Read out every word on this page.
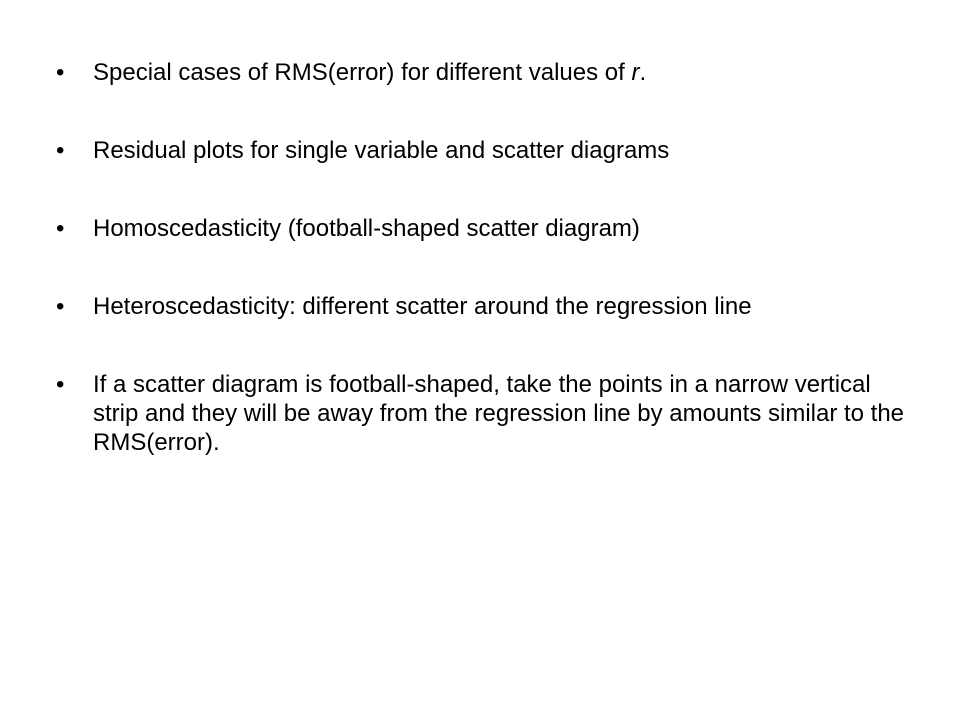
•	Special cases of RMS(error) for different values of r.
•	Residual plots for single variable and scatter diagrams
•	Homoscedasticity (football-shaped scatter diagram)
•	Heteroscedasticity: different scatter around the regression line
•	If a scatter diagram is football-shaped, take the points in a narrow vertical strip and they will be away from the regression line by amounts similar to the RMS(error).
